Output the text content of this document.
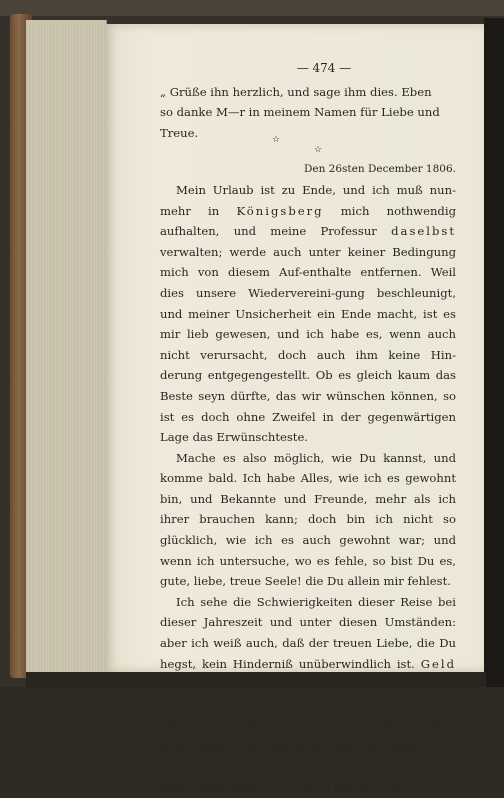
— 474 —
„ Grüße ihn herzlich, und sage ihm dies. Eben
so danke M—r in meinem Namen für Liebe und
Treue.
☆
☆
Den 26sten December 1806.

Mein Urlaub ist zu Ende, und ich muß nun-mehr in Königsberg mich nothwendig aufhalten, und meine Professur daselbst verwalten; werde auch unter keiner Bedingung mich von diesem Auf-enthalte entfernen. Weil dies unsere Wiedervereini-gung beschleunigt, und meiner Unsicherheit ein Ende macht, ist es mir lieb gewesen, und ich habe es, wenn auch nicht verursacht, doch auch ihm keine Hin-derung entgegengestellt. Ob es gleich kaum das Beste seyn dürfte, das wir wünschen können, so ist es doch ohne Zweifel in der gegenwärtigen Lage das Erwünschteste.

Mache es also möglich, wie Du kannst, und komme bald. Ich habe Alles, wie ich es gewohnt bin, und Bekannte und Freunde, mehr als ich ihrer brauchen kann; doch bin ich nicht so glücklich, wie ich es auch gewohnt war; und wenn ich untersuche, wo es fehle, so bist Du es, gute, liebe, treue Seele! die Du allein mir fehlest.

Ich sehe die Schwierigkeiten dieser Reise bei dieser Jahreszeit und unter diesen Umständen: aber ich weiß auch, daß der treuen Liebe, die Du hegst, kein Hinderniß unüberwindlich ist. Geld kann ich Dir, nachdem ich eine Gelegenheit, die Tresorscheine, von denen ich nicht sicher wußte, ob sie dort gelten, zu schicken versäumt habe, nicht füglich übermachen; aber ich denke, daß Du dieses in Deinem Hause vor-gestreckt bekommen kannst, wo ich es auf die erste
